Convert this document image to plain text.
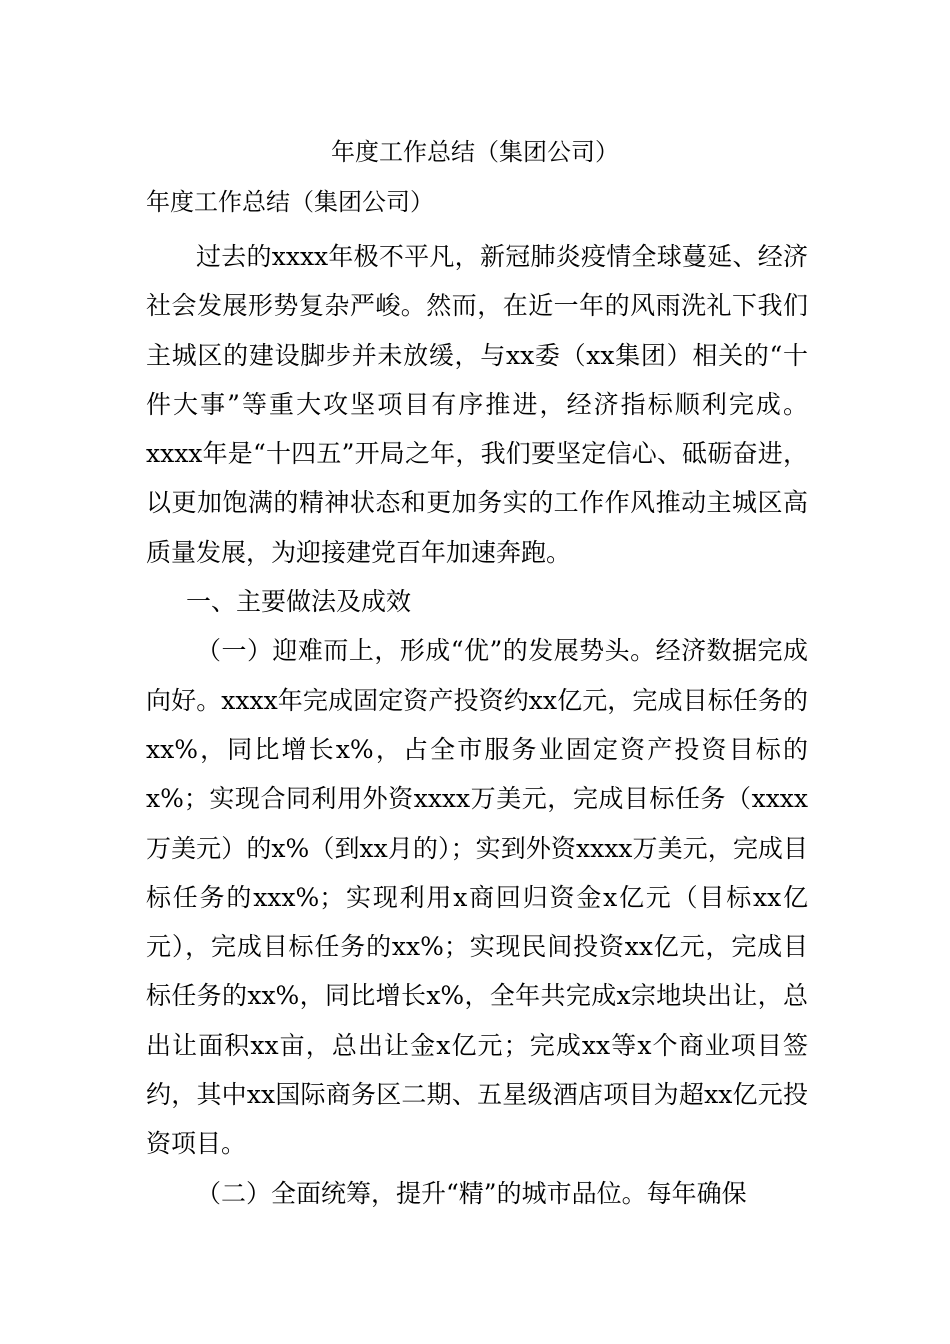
年度工作总结（集团公司）
年度工作总结（集团公司）

过去的xxxx年极不平凡，新冠肺炎疫情全球蔓延、经济社会发展形势复杂严峻。然而，在近一年的风雨洗礼下我们主城区的建设脚步并未放缓，与xx委（xx集团）相关的“十件大事”等重大攻坚项目有序推进，经济指标顺利完成。xxxx年是“十四五”开局之年，我们要坚定信心、砥砺奋进，以更加饱满的精神状态和更加务实的工作作风推动主城区高质量发展，为迎接建党百年加速奔跑。

一、主要做法及成效

（一）迎难而上，形成“优”的发展势头。经济数据完成向好。xxxx年完成固定资产投资约xx亿元，完成目标任务的xx%，同比增长x%，占全市服务业固定资产投资目标的x%；实现合同利用外资xxxx万美元，完成目标任务（xxxx万美元）的x%（到xx月的）；实到外资xxxx万美元，完成目标任务的xxx%；实现利用x商回归资金x亿元（目标xx亿元），完成目标任务的xx%；实现民间投资xx亿元，完成目标任务的xx%，同比增长x%，全年共完成x宗地块出让，总出让面积xx亩，总出让金x亿元；完成xx等x个商业项目签约，其中xx国际商务区二期、五星级酒店项目为超xx亿元投资项目。

（二）全面统筹，提升“精”的城市品位。每年确保
